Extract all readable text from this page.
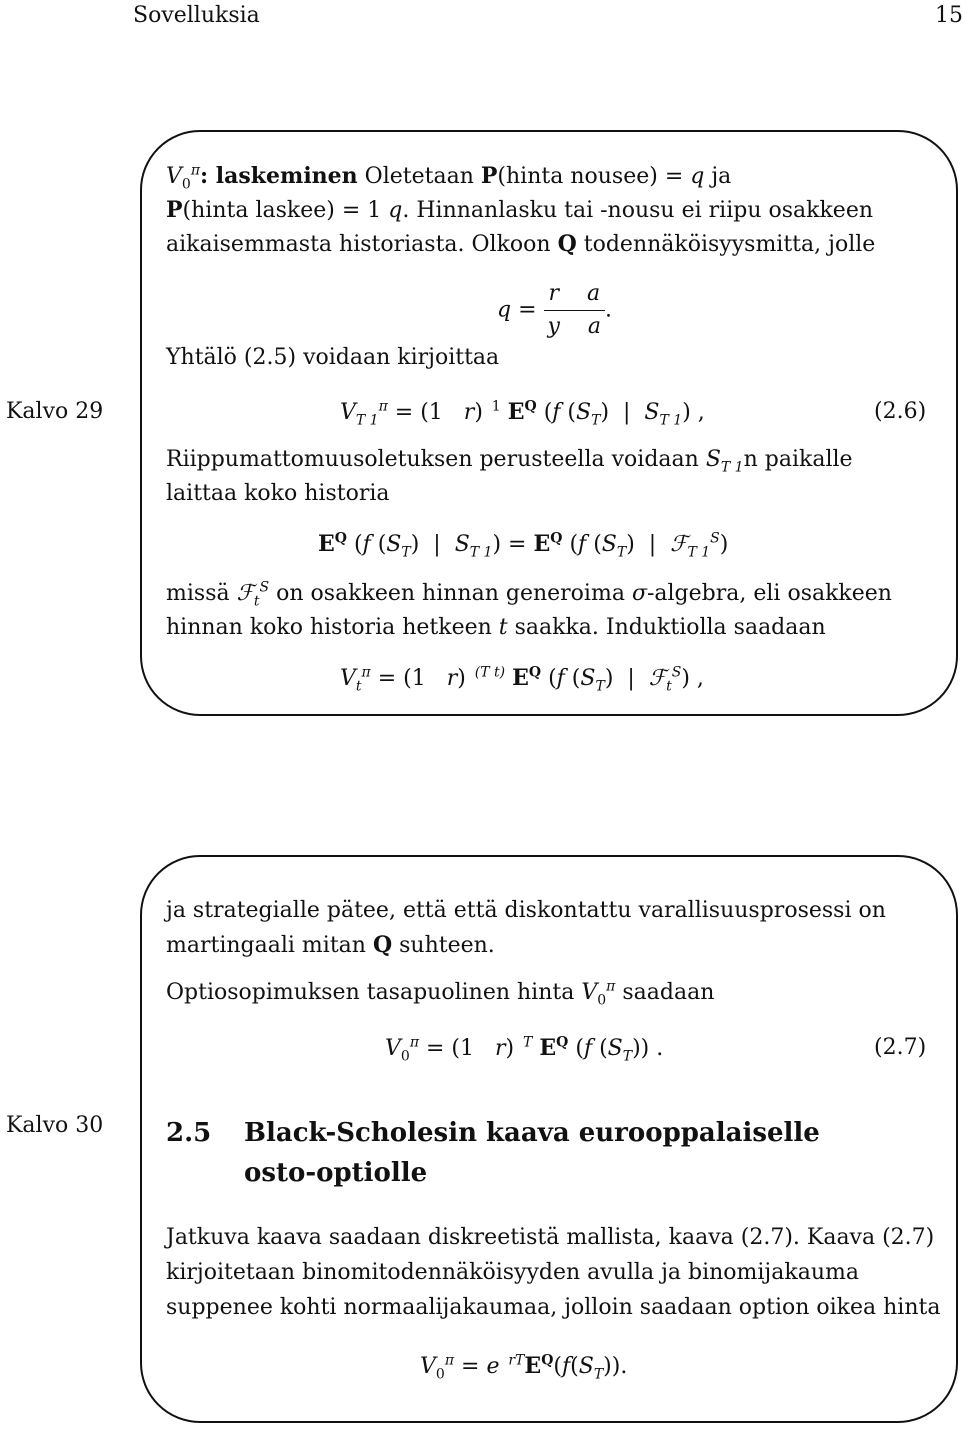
Sovelluksia	15
Kalvo 29
$V_0^\pi$: laskeminen Oletetaan P(hinta nousee) = q ja
P(hinta laskee) = 1 q. Hinnanlasku tai -nousu ei riipu osakkeen
aikaisemmasta historiasta. Olkoon Q todennäköisyysmitta, jolle
$q = \frac{\text{r    a}}{\text{y    a}}$ .
Yhtälö (2.5) voidaan kirjoittaa
$V_{T 1}^\pi = (1$   r)  $^1$ $E^Q$ (f $(S_T)$  |  $S_{T 1}$) ,	(2.6)
Riippumattomuusoletuksen perusteella voidaan $S_{T 1}n$ paikalle
laittaa koko historia
$E^Q$ (f $(S_T)$  |  $S_{T 1}) = E^Q$ (f $(S_T)$  |  ℱ$_{T 1}^S$)
missä ℱ$_t^S$ on osakkeen hinnan generoima σ-algebra, eli osakkeen
hinnan koko historia hetkeen t saakka. Induktiolla saadaan
$V_t^\pi = (1$   r)  $^{(T t)}$ $E^Q$ (f $(S_T)$  |  ℱ$_t^S$) ,
Kalvo 30
ja strategialle pätee, että että diskontattu varallisuusprosessi on
martingaali mitan Q suhteen.
Optiosopimuksen tasapuolinen hinta $V_0^\pi$ saadaan
$V_0^\pi = (1$   r)  $^T$ $E^Q$ (f $(S_T)$) .	(2.7)
2.5 Black-Scholesin kaava eurooppalaiselle
osto-optiolle
Jatkuva kaava saadaan diskreetistä mallista, kaava (2.7). Kaava (2.7)
kirjoitetaan binomitodennäköisyyden avulla ja binomijakauma
suppenee kohti normaalijakaumaa, jolloin saadaan option oikea hinta
$V_0^\pi = e$  $^{rT}E^Q(f(S_T))$.
